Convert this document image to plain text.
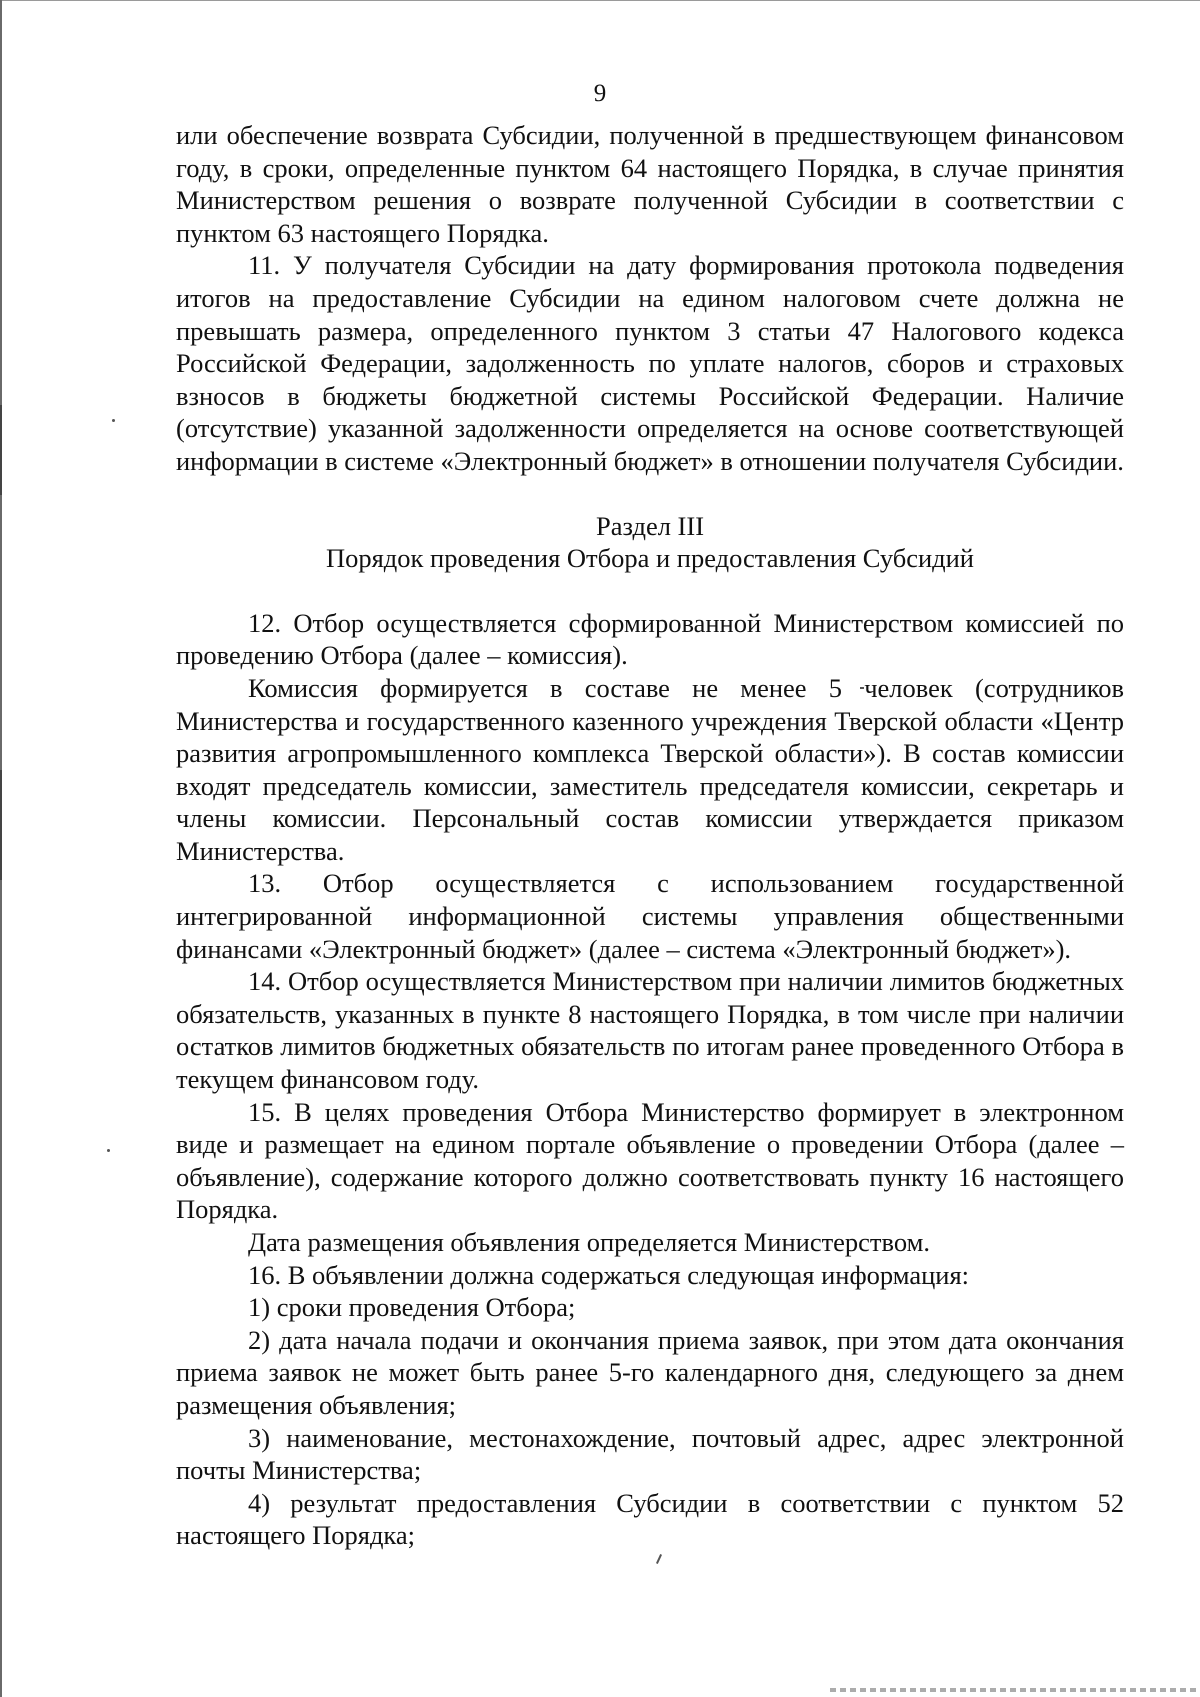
9

или обеспечение возврата Субсидии, полученной в предшествующем финансовом году, в сроки, определенные пунктом 64 настоящего Порядка, в случае принятия Министерством решения о возврате полученной Субсидии в соответствии с пунктом 63 настоящего Порядка.

11. У получателя Субсидии на дату формирования протокола подведения итогов на предоставление Субсидии на едином налоговом счете должна не превышать размера, определенного пунктом 3 статьи 47 Налогового кодекса Российской Федерации, задолженность по уплате налогов, сборов и страховых взносов в бюджеты бюджетной системы Российской Федерации. Наличие (отсутствие) указанной задолженности определяется на основе соответствующей информации в системе «Электронный бюджет» в отношении получателя Субсидии.

Раздел III

Порядок проведения Отбора и предоставления Субсидий

12. Отбор осуществляется сформированной Министерством комиссией по проведению Отбора (далее – комиссия).

Комиссия формируется в составе не менее 5 человек (сотрудников Министерства и государственного казенного учреждения Тверской области «Центр развития агропромышленного комплекса Тверской области»). В состав комиссии входят председатель комиссии, заместитель председателя комиссии, секретарь и члены комиссии. Персональный состав комиссии утверждается приказом Министерства.

13. Отбор осуществляется с использованием государственной интегрированной информационной системы управления общественными финансами «Электронный бюджет» (далее – система «Электронный бюджет»).

14. Отбор осуществляется Министерством при наличии лимитов бюджетных обязательств, указанных в пункте 8 настоящего Порядка, в том числе при наличии остатков лимитов бюджетных обязательств по итогам ранее проведенного Отбора в текущем финансовом году.

15. В целях проведения Отбора Министерство формирует в электронном виде и размещает на едином портале объявление о проведении Отбора (далее – объявление), содержание которого должно соответствовать пункту 16 настоящего Порядка.

Дата размещения объявления определяется Министерством.

16. В объявлении должна содержаться следующая информация:

1) сроки проведения Отбора;

2) дата начала подачи и окончания приема заявок, при этом дата окончания приема заявок не может быть ранее 5-го календарного дня, следующего за днем размещения объявления;

3) наименование, местонахождение, почтовый адрес, адрес электронной почты Министерства;

4) результат предоставления Субсидии в соответствии с пунктом 52 настоящего Порядка;
